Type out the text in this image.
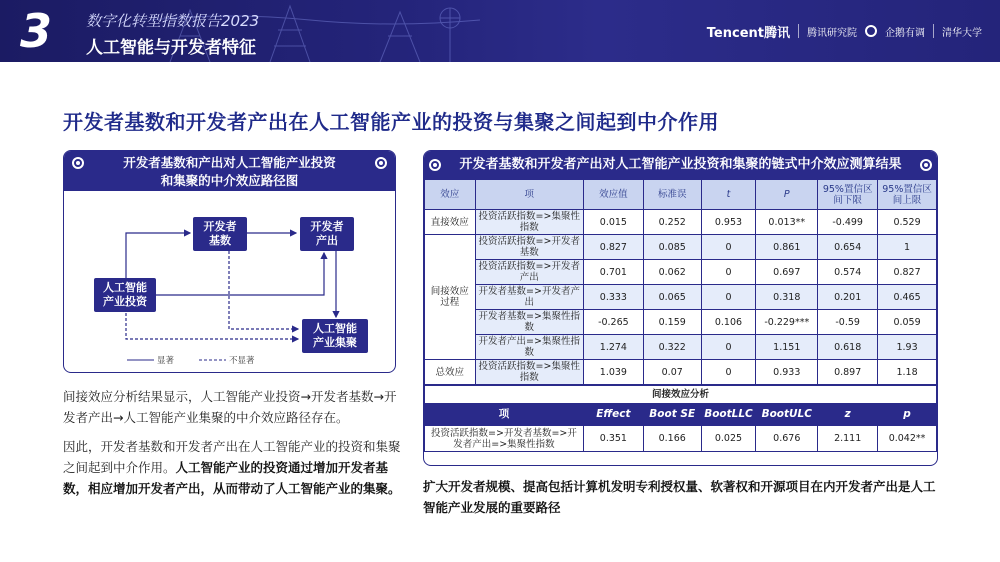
3	数字化转型指数报告2023
人工智能与开发者特征
Tencent腾讯 腾讯研究院	企鹅有调 清华大学
开发者基数和开发者产出在人工智能产业的投资与集聚之间起到中介作用
开发者基数和产出对人工智能产业投资
和集聚的中介效应路径图
开发者
基数
开发者
产出
人工智能
产业投资
人工智能
产业集聚
显著	不显著
间接效应分析结果显示，人工智能产业投资→开发者基数→开发者产出→人工智能产业集聚的中介效应路径存在。
因此，开发者基数和开发者产出在人工智能产业的投资和集聚之间起到中介作用。人工智能产业的投资通过增加开发者基数，相应增加开发者产出，从而带动了人工智能产业的集聚。
开发者基数和开发者产出对人工智能产业投资和集聚的链式中介效应测算结果
效应	项	效应值	标准误	t	P	95%置信区间下限	95%置信区间上限
直接效应	投资活跃指数=>集聚性指数	0.015	0.252	0.953	0.013**	-0.499	0.529
间接效应过程	投资活跃指数=>开发者基数	0.827	0.085	0	0.861	0.654	1
	投资活跃指数=>开发者产出	0.701	0.062	0	0.697	0.574	0.827
	开发者基数=>开发者产出	0.333	0.065	0	0.318	0.201	0.465
	开发者基数=>集聚性指数	-0.265	0.159	0.106	-0.229***	-0.59	0.059
	开发者产出=>集聚性指数	1.274	0.322	0	1.151	0.618	1.93
总效应	投资活跃指数=>集聚性指数	1.039	0.07	0	0.933	0.897	1.18
间接效应分析						
项	Effect	Boot SE	BootLLC	BootULC	z	p
投资活跃指数=>开发者基数=>开发者产出=>集聚性指数	0.351	0.166	0.025	0.676	2.111	0.042**
扩大开发者规模、提高包括计算机发明专利授权量、软著权和开源项目在内开发者产出是人工智能产业发展的重要路径
